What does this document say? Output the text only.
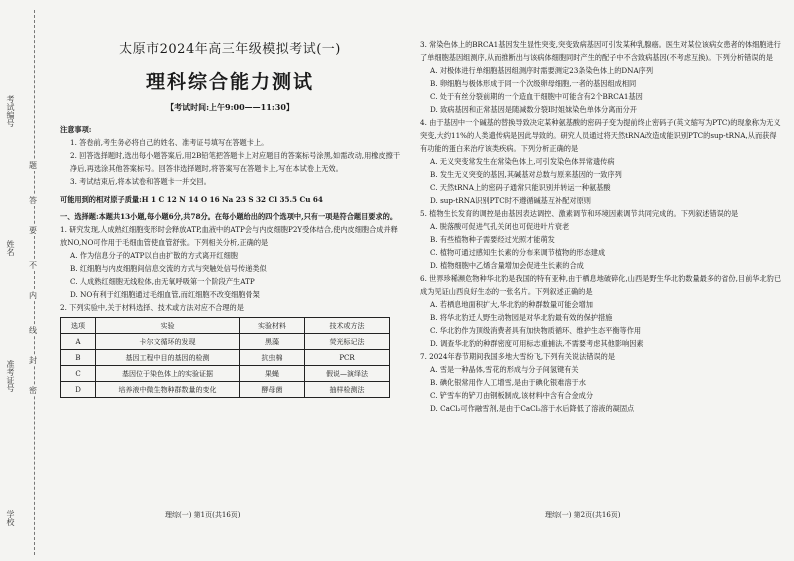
考试编号
姓名
准考证号
学校
题
答
要
不
内
线
封
密
太原市2024年高三年级模拟考试(一)
理科综合能力测试
【考试时间:上午9:00——11:30】

注意事项:

1. 答卷前,考生务必将自己的姓名、准考证号填写在答题卡上。

2. 回答选择题时,选出每小题答案后,用2B铅笔把答题卡上对应题目的答案标号涂黑,如需改动,用橡皮擦干净后,再选涂其他答案标号。回答非选择题时,将答案写在答题卡上,写在本试卷上无效。

3. 考试结束后,将本试卷和答题卡一并交回。

可能用到的相对原子质量:H 1 C 12 N 14 O 16 Na 23 S 32 Cl 35.5 Cu 64

一、选择题:本题共13小题,每小题6分,共78分。在每小题给出的四个选项中,只有一项是符合题目要求的。

1. 研究发现,人成熟红细胞变形时会释放ATP,血液中的ATP会与内皮细胞P2Y受体结合,使内皮细胞合成并释放NO,NO可作用于毛细血管使血管舒张。下列相关分析,正确的是

A. 作为信息分子的ATP以自由扩散的方式离开红细胞

B. 红细胞与内皮细胞间信息交流的方式与突触处信号传递类似

C. 人成熟红细胞无线粒体,由无氧呼吸第一个阶段产生ATP

D. NO有利于红细胞通过毛细血管,而红细胞不改变细胞骨架

2. 下列实验中,关于材料选择、技术或方法对应不合理的是

选项	实验	实验材料	技术或方法
A	卡尔文循环的发现	黑藻	荧光标记法
B	基因工程中目的基因的检测	抗虫棉	PCR
C	基因位于染色体上的实验证据	果蝇	假说—演绎法
D	培养液中微生物种群数量的变化	酵母菌	抽样检测法

3. 常染色体上的BRCA1基因发生显性突变,突变致病基因可引发某种乳腺癌。医生对某位该病女患者的体细胞进行了单细胞基因组测序,从而推断出与该病体细胞同时产生的配子中不含致病基因(不考虑互换)。下列分析错误的是

A. 对极体进行单细胞基因组测序时需要测定23条染色体上的DNA序列

B. 卵细胞与极体形成于同一个次级卵母细胞,一者的基因组成相同

C. 处于有丝分裂前期的一个造血干细胞中可能含有2个BRCA1基因

D. 致病基因和正常基因是随减数分裂Ⅰ时姐妹染色单体分离而分开

4. 由于基因中一个碱基的替换导致决定某种氨基酸的密码子变为提前终止密码子(英文缩写为PTC)的现象称为无义突变,大约11%的人类遗传病是因此导致的。研究人员通过将天然tRNA改造成能识别PTC的sup-tRNA,从而获得有功能的蛋白来治疗该类疾病。下列分析正确的是

A. 无义突变常发生在常染色体上,可引发染色体异常遗传病

B. 发生无义突变的基因,其碱基对总数与原来基因的一致序列

C. 天然tRNA上的密码子通常只能识别并转运一种氨基酸

D. sup-tRNA识别PTC时不遵循碱基互补配对原则

5. 植物生长发育的调控是由基因表达调控、激素调节和环境因素调节共同完成的。下列叙述错误的是

A. 脱落酸可促进气孔关闭也可促进叶片衰老

B. 有些植物种子需要经过光照才能萌发

C. 植物可通过感知生长素的分布来调节植物的形态建成

D. 植物细胞中乙烯含量增加会促进生长素的合成

6. 世界珍稀濒危物种华北豹是我国的特有亚种,由于栖息地破碎化,山西是野生华北豹数量最多的省份,目前华北豹已成为见证山西良好生态的一张名片。下列叙述正确的是

A. 若栖息地面积扩大,华北豹的种群数量可能会增加

B. 将华北豹迁人野生动物园是对华北豹最有效的保护措施

C. 华北豹作为顶级消费者具有加快物质循环、维护生态平衡等作用

D. 调查华北豹的种群密度可用标志重捕法,不需要考虑其他影响因素

7. 2024年春节期间我国多地大雪纷飞,下列有关说法错误的是

A. 雪是一种晶体,雪花的形成与分子间氢键有关

B. 碘化银常用作人工增雪,是由于碘化银难溶于水

C. 铲雪车的铲刀由钢板制成,该材料中含有合金成分

D. CaCl₂可作融雪剂,是由于CaCl₂溶于水后降低了溶液的凝固点

理综(一) 第1页(共16页)	理综(一) 第2页(共16页)
